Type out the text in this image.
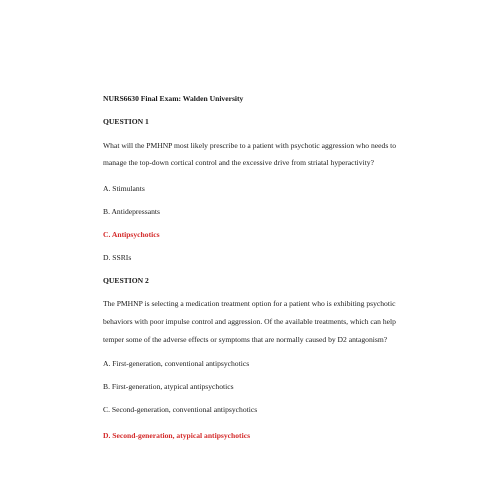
NURS6630 Final Exam: Walden University
QUESTION 1
What will the PMHNP most likely prescribe to a patient with psychotic aggression who needs to
manage the top-down cortical control and the excessive drive from striatal hyperactivity?
A. Stimulants
B. Antidepressants
C. Antipsychotics
D. SSRIs
QUESTION 2
The PMHNP is selecting a medication treatment option for a patient who is exhibiting psychotic
behaviors with poor impulse control and aggression. Of the available treatments, which can help
temper some of the adverse effects or symptoms that are normally caused by D2 antagonism?
A. First-generation, conventional antipsychotics
B. First-generation, atypical antipsychotics
C. Second-generation, conventional antipsychotics
D. Second-generation, atypical antipsychotics
